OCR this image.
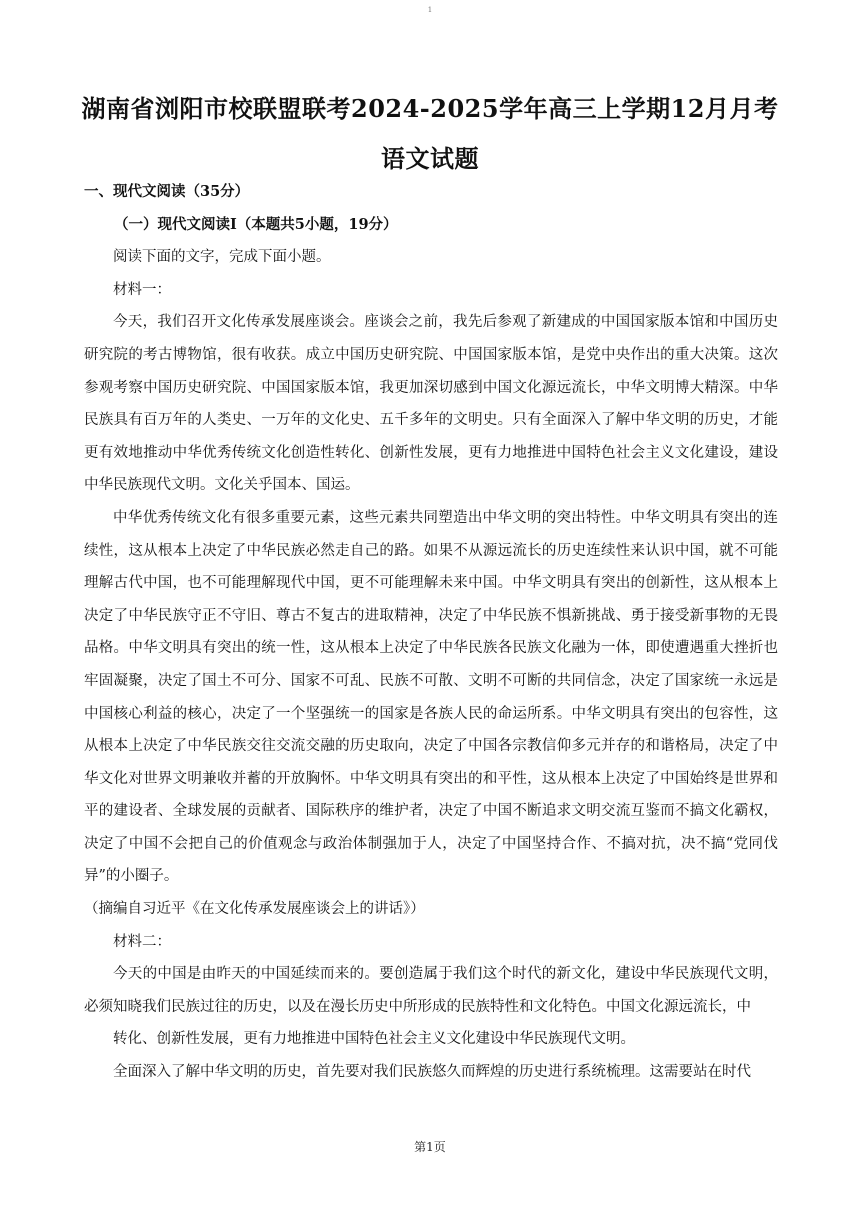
1
湖南省浏阳市校联盟联考2024-2025学年高三上学期12月月考语文试题

一、现代文阅读（35分）

（一）现代文阅读Ⅰ（本题共5小题，19分）

阅读下面的文字，完成下面小题。

材料一：

今天，我们召开文化传承发展座谈会。座谈会之前，我先后参观了新建成的中国国家版本馆和中国历史研究院的考古博物馆，很有收获。成立中国历史研究院、中国国家版本馆，是党中央作出的重大决策。这次参观考察中国历史研究院、中国国家版本馆，我更加深切感到中国文化源远流长，中华文明博大精深。中华民族具有百万年的人类史、一万年的文化史、五千多年的文明史。只有全面深入了解中华文明的历史，才能更有效地推动中华优秀传统文化创造性转化、创新性发展，更有力地推进中国特色社会主义文化建设，建设中华民族现代文明。文化关乎国本、国运。

中华优秀传统文化有很多重要元素，这些元素共同塑造出中华文明的突出特性。中华文明具有突出的连续性，这从根本上决定了中华民族必然走自己的路。如果不从源远流长的历史连续性来认识中国，就不可能理解古代中国，也不可能理解现代中国，更不可能理解未来中国。中华文明具有突出的创新性，这从根本上决定了中华民族守正不守旧、尊古不复古的进取精神，决定了中华民族不惧新挑战、勇于接受新事物的无畏品格。中华文明具有突出的统一性，这从根本上决定了中华民族各民族文化融为一体，即使遭遇重大挫折也牢固凝聚，决定了国土不可分、国家不可乱、民族不可散、文明不可断的共同信念，决定了国家统一永远是中国核心利益的核心，决定了一个坚强统一的国家是各族人民的命运所系。中华文明具有突出的包容性，这从根本上决定了中华民族交往交流交融的历史取向，决定了中国各宗教信仰多元并存的和谐格局，决定了中华文化对世界文明兼收并蓄的开放胸怀。中华文明具有突出的和平性，这从根本上决定了中国始终是世界和平的建设者、全球发展的贡献者、国际秩序的维护者，决定了中国不断追求文明交流互鉴而不搞文化霸权，决定了中国不会把自己的价值观念与政治体制强加于人，决定了中国坚持合作、不搞对抗，决不搞“党同伐异”的小圈子。

（摘编自习近平《在文化传承发展座谈会上的讲话》）

材料二：

今天的中国是由昨天的中国延续而来的。要创造属于我们这个时代的新文化，建设中华民族现代文明，必须知晓我们民族过往的历史，以及在漫长历史中所形成的民族特性和文化特色。中国文化源远流长，中

转化、创新性发展，更有力地推进中国特色社会主义文化建设中华民族现代文明。

全面深入了解中华文明的历史，首先要对我们民族悠久而辉煌的历史进行系统梳理。这需要站在时代

第1页
